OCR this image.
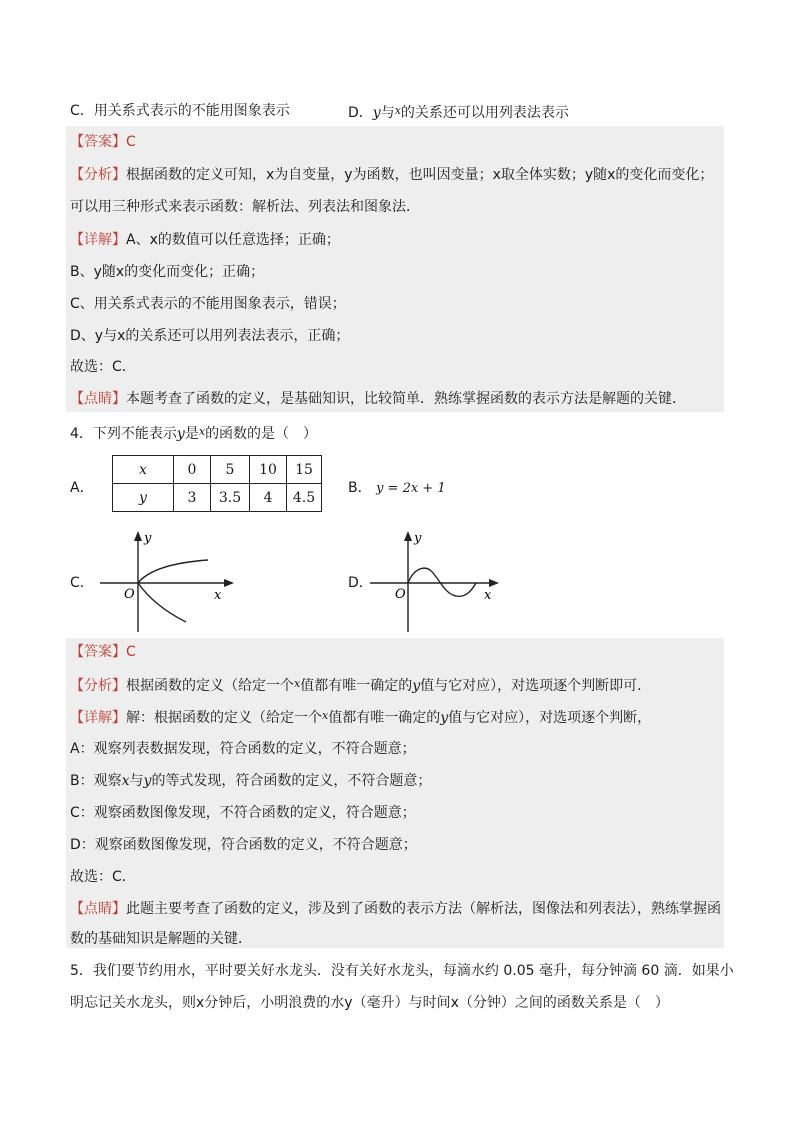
C．用关系式表示的不能用图象表示	D．y与$^x$的关系还可以用列表法表示
【答案】C
【分析】根据函数的定义可知，x为自变量，y为函数，也叫因变量；x取全体实数；y随x的变化而变化；
可以用三种形式来表示函数：解析法、列表法和图象法．
【详解】A、x的数值可以任意选择；正确；
B、y随x的变化而变化；正确；
C、用关系式表示的不能用图象表示，错误；
D、y与x的关系还可以用列表法表示，正确；
故选：C．
【点睛】本题考查了函数的定义，是基础知识，比较简单．熟练掌握函数的表示方法是解题的关键．
4．下列不能表示y是$^x$的函数的是（　）
A．
x	0	5	10	15
y	3	3.5	4	4.5
B． y = 2x + 1
C．
y
x
O
D．
y
x
O
【答案】C
【分析】根据函数的定义（给定一个$^x$值都有唯一确定的y值与它对应），对选项逐个判断即可．
【详解】解：根据函数的定义（给定一个$^x$值都有唯一确定的y值与它对应），对选项逐个判断，
A：观察列表数据发现，符合函数的定义，不符合题意；
B：观察x与y的等式发现，符合函数的定义，不符合题意；
C：观察函数图像发现，不符合函数的定义，符合题意；
D：观察函数图像发现，符合函数的定义，不符合题意；
故选：C．
【点睛】此题主要考查了函数的定义，涉及到了函数的表示方法（解析法，图像法和列表法），熟练掌握函
数的基础知识是解题的关键．
5．我们要节约用水，平时要关好水龙头．没有关好水龙头，每滴水约 0.05 毫升，每分钟滴 60 滴．如果小
明忘记关水龙头，则x分钟后，小明浪费的水y（毫升）与时间x（分钟）之间的函数关系是（　）
